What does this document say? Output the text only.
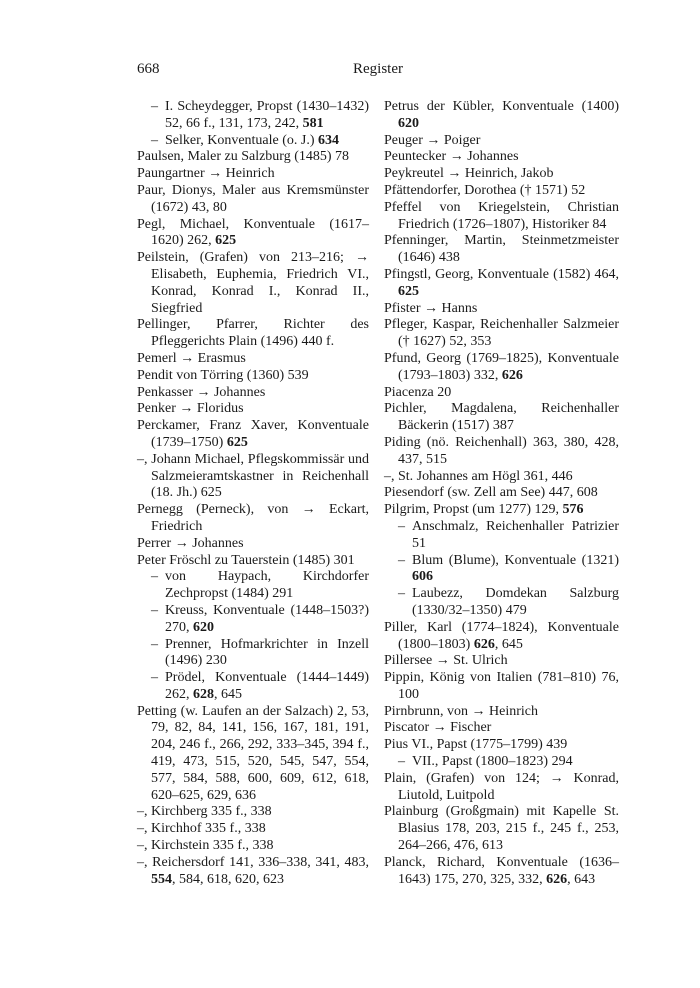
668	Register
– I. Scheydegger, Propst (1430–1432) 52, 66 f., 131, 173, 242, 581
– Selker, Konventuale (o. J.) 634
Paulsen, Maler zu Salzburg (1485) 78
Paungartner → Heinrich
Paur, Dionys, Maler aus Kremsmünster (1672) 43, 80
Pegl, Michael, Konventuale (1617–1620) 262, 625
Peilstein, (Grafen) von 213–216; → Elisabeth, Euphemia, Friedrich VI., Konrad, Konrad I., Konrad II., Siegfried
Pellinger, Pfarrer, Richter des Pfleggerichts Plain (1496) 440 f.
Pemerl → Erasmus
Pendit von Törring (1360) 539
Penkasser → Johannes
Penker → Floridus
Perckamer, Franz Xaver, Konventuale (1739–1750) 625
–, Johann Michael, Pflegskommissär und Salzmeieramtskastner in Reichenhall (18. Jh.) 625
Pernegg (Perneck), von → Eckart, Friedrich
Perrer → Johannes
Peter Fröschl zu Tauerstein (1485) 301
– von Haypach, Kirchdorfer Zechpropst (1484) 291
– Kreuss, Konventuale (1448–1503?) 270, 620
– Prenner, Hofmarkrichter in Inzell (1496) 230
– Prödel, Konventuale (1444–1449) 262, 628, 645
Petting (w. Laufen an der Salzach) 2, 53, 79, 82, 84, 141, 156, 167, 181, 191, 204, 246 f., 266, 292, 333–345, 394 f., 419, 473, 515, 520, 545, 547, 554, 577, 584, 588, 600, 609, 612, 618, 620–625, 629, 636
–, Kirchberg 335 f., 338
–, Kirchhof 335 f., 338
–, Kirchstein 335 f., 338
–, Reichersdorf 141, 336–338, 341, 483, 554, 584, 618, 620, 623
Petrus der Kübler, Konventuale (1400) 620
Peuger → Poiger
Peuntecker → Johannes
Peykreutel → Heinrich, Jakob
Pfättendorfer, Dorothea († 1571) 52
Pfeffel von Kriegelstein, Christian Friedrich (1726–1807), Historiker 84
Pfenninger, Martin, Steinmetzmeister (1646) 438
Pfingstl, Georg, Konventuale (1582) 464, 625
Pfister → Hanns
Pfleger, Kaspar, Reichenhaller Salzmeier († 1627) 52, 353
Pfund, Georg (1769–1825), Konventuale (1793–1803) 332, 626
Piacenza 20
Pichler, Magdalena, Reichenhaller Bäckerin (1517) 387
Piding (nö. Reichenhall) 363, 380, 428, 437, 515
–, St. Johannes am Högl 361, 446
Piesendorf (sw. Zell am See) 447, 608
Pilgrim, Propst (um 1277) 129, 576
– Anschmalz, Reichenhaller Patrizier 51
– Blum (Blume), Konventuale (1321) 606
– Laubezz, Domdekan Salzburg (1330/32–1350) 479
Piller, Karl (1774–1824), Konventuale (1800–1803) 626, 645
Pillersee → St. Ulrich
Pippin, König von Italien (781–810) 76, 100
Pirnbrunn, von → Heinrich
Piscator → Fischer
Pius VI., Papst (1775–1799) 439
– VII., Papst (1800–1823) 294
Plain, (Grafen) von 124; → Konrad, Liutold, Luitpold
Plainburg (Großgmain) mit Kapelle St. Blasius 178, 203, 215 f., 245 f., 253, 264–266, 476, 613
Planck, Richard, Konventuale (1636–1643) 175, 270, 325, 332, 626, 643
